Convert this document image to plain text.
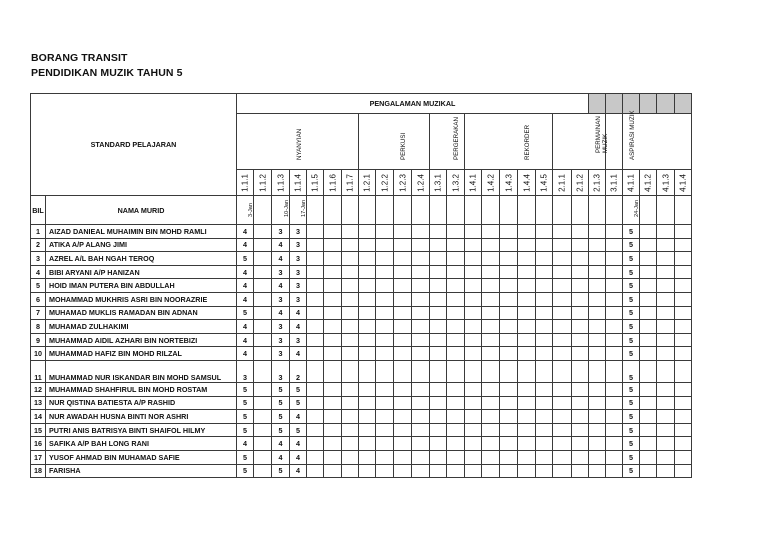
BORANG TRANSIT
PENDIDIKAN MUZIK TAHUN 5
STANDARD PELAJARAN		PENGALAMAN MUZIKAL																									

		NYANYIAN							PERKUSI				PERGERAKAN		REKORDER					PERMAINAN MUZIK				ASPIRASI MUZIK			

		1.1.1	1.1.2	1.1.3	1.1.4	1.1.5	1.1.6	1.1.7	1.2.1	1.2.2	1.2.3	1.2.4	1.3.1	1.3.2	1.4.1	1.4.2	1.4.3	1.4.4	1.4.5	2.1.1	2.1.2	2.1.3	3.1.1	4.1.1	4.1.2	4.1.3	4.1.4

BIL	NAMA MURID	3-Jan		10-Jan	17-Jan																			24-Jan			

1	AIZAD DANIEAL MUHAIMIN BIN MOHD RAMLI	4		3	3																			5			
2	ATIKA A/P ALANG JIMI	4		4	3																			5			
3	AZREL A/L BAH NGAH TEROQ	5		4	3																			5			
4	BIBI ARYANI A/P HANIZAN	4		3	3																			5			
5	HOID IMAN PUTERA BIN ABDULLAH	4		4	3																			5			
6	MOHAMMAD MUKHRIS ASRI BIN NOORAZRIE	4		3	3																			5			
7	MUHAMAD MUKLIS RAMADAN BIN ADNAN	5		4	4																			5			
8	MUHAMAD ZULHAKIMI	4		3	4																			5			
9	MUHAMMAD AIDIL AZHARI BIN NORTEBIZI	4		3	3																			5			
10	MUHAMMAD HAFIZ BIN MOHD RILZAL	4		3	4																			5			
11	MUHAMMAD NUR ISKANDAR BIN MOHD SAMSUL	3		3	2																			5			
12	MUHAMMAD SHAHFIRUL BIN MOHD ROSTAM	5		5	5																			5			
13	NUR QISTINA BATIESTA A/P RASHID	5		5	5																			5			
14	NUR AWADAH HUSNA BINTI NOR ASHRI	5		5	4																			5			
15	PUTRI ANIS BATRISYA BINTI SHAIFOL HILMY	5		5	5																			5			
16	SAFIKA A/P BAH LONG RANI	4		4	4																			5			
17	YUSOF AHMAD BIN MUHAMAD SAFIE	5		4	4																			5			
18	FARISHA	5		5	4																			5			
